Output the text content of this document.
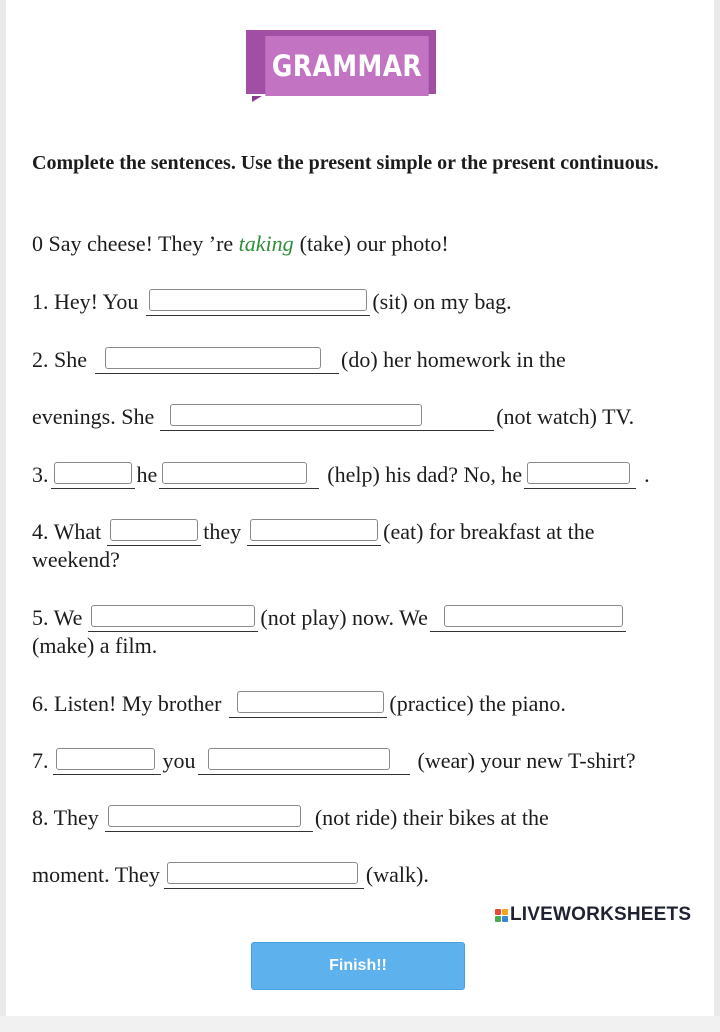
GRAMMAR
Complete the sentences. Use the present simple or the present continuous.
0 Say cheese! They ’re taking (take) our photo!
1. Hey! You	(sit) on my bag.
2. She	(do) her homework in the
evenings. She	(not watch) TV.
3.	he	(help) his dad? No, he	.
4. What	they	(eat) for breakfast at the
weekend?
5. We	(not play) now. We
(make) a film.
6. Listen! My brother	(practice) the piano.
7.	you	(wear) your new T-shirt?
8. They	(not ride) their bikes at the
moment. They	(walk).
LIVEWORKSHEETS
Finish!!
